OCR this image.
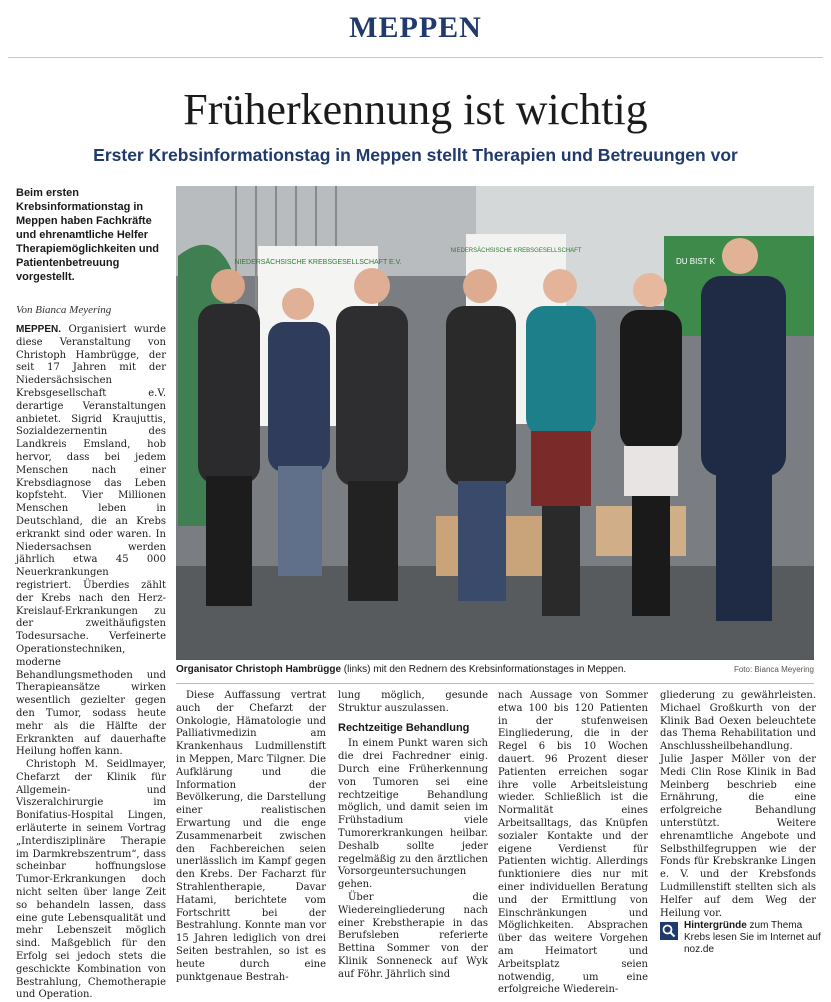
MEPPEN
Früherkennung ist wichtig
Erster Krebsinformationstag in Meppen stellt Therapien und Betreuungen vor
Beim ersten Krebsinformationstag in Meppen haben Fachkräfte und ehrenamtliche Helfer Therapiemöglichkeiten und Patientenbetreuung vorgestellt.
Von Bianca Meyering

MEPPEN. Organisiert wurde diese Veranstaltung von Christoph Hambrügge, der seit 17 Jahren mit der Niedersächsischen Krebsgesellschaft e.V. derartige Veranstaltungen anbietet. Sigrid Kraujuttis, Sozialdezernentin des Landkreis Emsland, hob hervor, dass bei jedem Menschen nach einer Krebsdiagnose das Leben kopfsteht. Vier Millionen Menschen leben in Deutschland, die an Krebs erkrankt sind oder waren. In Niedersachsen werden jährlich etwa 45 000 Neuerkrankungen registriert. Überdies zählt der Krebs nach den Herz-Kreislauf-Erkrankungen zu der zweithäufigsten Todesursache. Verfeinerte Operationstechniken, moderne Behandlungsmethoden und Therapieansätze wirken wesentlich gezielter gegen den Tumor, sodass heute mehr als die Hälfte der Erkrankten auf dauerhafte Heilung hoffen kann.

Christoph M. Seidlmayer, Chefarzt der Klinik für Allgemein- und Viszeralchirurgie im Bonifatius-Hospital Lingen, erläuterte in seinem Vortrag „Interdisziplinäre Therapie im Darmkrebszentrum“, dass scheinbar hoffnungslose Tumor-Erkrankungen doch nicht selten über lange Zeit so behandeln lassen, dass eine gute Lebensqualität und mehr Lebenszeit möglich sind. Maßgeblich für den Erfolg sei jedoch stets die geschickte Kombination von Bestrahlung, Chemotherapie und Operation.

NIEDERSÄCHSISCHE KREBSGESELLSCHAFT E.V.
NIEDERSÄCHSISCHE KREBSGESELLSCHAFT
DU BIST K
Organisator Christoph Hambrügge (links) mit den Rednern des Krebsinformationstages in Meppen.	Foto: Bianca Meyering

Diese Auffassung vertrat auch der Chefarzt der Onkologie, Hämatologie und Palliativmedizin am Krankenhaus Ludmillenstift in Meppen, Marc Tilgner. Die Aufklärung und die Information der Bevölkerung, die Darstellung einer realistischen Erwartung und die enge Zusammenarbeit zwischen den Fachbereichen seien unerlässlich im Kampf gegen den Krebs. Der Facharzt für Strahlentherapie, Davar Hatami, berichtete vom Fortschritt bei der Bestrahlung. Konnte man vor 15 Jahren lediglich von drei Seiten bestrahlen, so ist es heute durch eine punktgenaue Bestrah-

lung möglich, gesunde Struktur auszulassen.

Rechtzeitige Behandlung

In einem Punkt waren sich die drei Fachredner einig. Durch eine Früherkennung von Tumoren sei eine rechtzeitige Behandlung möglich, und damit seien im Frühstadium viele Tumorerkrankungen heilbar. Deshalb sollte jeder regelmäßig zu den ärztlichen Vorsorgeuntersuchungen gehen.

Über die Wiedereingliederung nach einer Krebstherapie in das Berufsleben referierte Bettina Sommer von der Klinik Sonneneck auf Wyk auf Föhr. Jährlich sind

nach Aussage von Sommer etwa 100 bis 120 Patienten in der stufenweisen Eingliederung, die in der Regel 6 bis 10 Wochen dauert. 96 Prozent dieser Patienten erreichen sogar ihre volle Arbeitsleistung wieder. Schließlich ist die Normalität eines Arbeitsalltags, das Knüpfen sozialer Kontakte und der eigene Verdienst für Patienten wichtig. Allerdings funktioniere dies nur mit einer individuellen Beratung und der Ermittlung von Einschränkungen und Möglichkeiten. Absprachen über das weitere Vorgehen am Heimatort und Arbeitsplatz seien notwendig, um eine erfolgreiche Wiederein-

gliederung zu gewährleisten. Michael Großkurth von der Klinik Bad Oexen beleuchtete das Thema Rehabilitation und Anschlussheilbehandlung. Julie Jasper Möller von der Medi Clin Rose Klinik in Bad Meinberg beschrieb eine Ernährung, die eine erfolgreiche Behandlung unterstützt. Weitere ehrenamtliche Angebote und Selbsthilfegruppen wie der Fonds für Krebskranke Lingen e. V. und der Krebsfonds Ludmillenstift stellten sich als Helfer auf dem Weg der Heilung vor.

Hintergründe zum Thema Krebs lesen Sie im Internet auf noz.de
